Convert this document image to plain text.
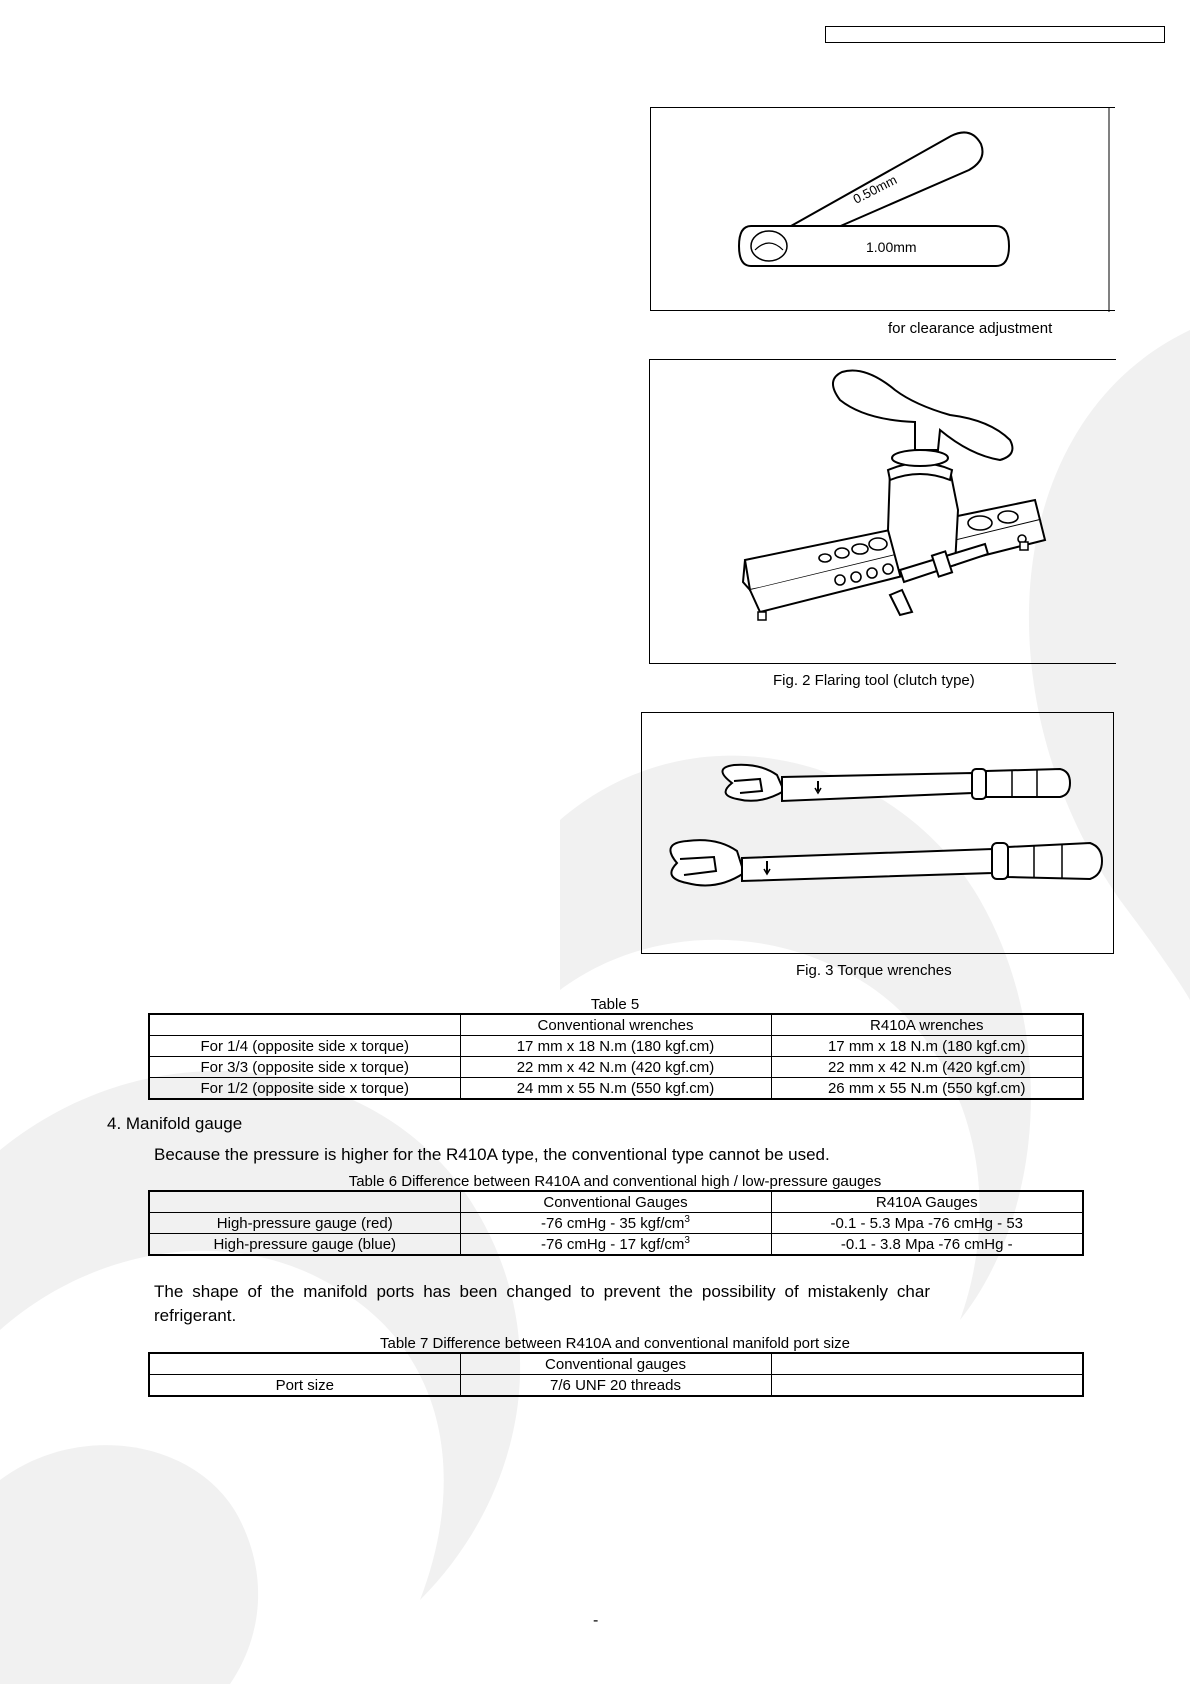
0.50mm
1.00mm
for clearance adjustment
Fig. 2 Flaring tool (clutch type)
Fig. 3 Torque wrenches
Table 5
	Conventional wrenches	R410A wrenches
For 1/4 (opposite side x torque)	17 mm x 18 N.m (180 kgf.cm)	17 mm x 18 N.m (180 kgf.cm)
For 3/3 (opposite side x torque)	22 mm x 42 N.m (420 kgf.cm)	22 mm x 42 N.m (420 kgf.cm)
For 1/2 (opposite side x torque)	24 mm x 55 N.m (550 kgf.cm)	26 mm x 55 N.m (550 kgf.cm)
4. Manifold gauge
Because the pressure is higher for the R410A type, the conventional type cannot be used.
Table 6 Difference between R410A and conventional high / low-pressure gauges
	Conventional Gauges	R410A Gauges
High-pressure gauge (red)	-76 cmHg - 35 kgf/$cm^3$	-0.1 - 5.3 Mpa -76 cmHg - 53
High-pressure gauge (blue)	-76 cmHg - 17 kgf/$cm^3$	-0.1 - 3.8 Mpa -76 cmHg -
The shape of the manifold ports has been changed to prevent the possibility of mistakenly char refrigerant.
Table 7 Difference between R410A and conventional manifold port size
	Conventional gauges	
Port size	7/6 UNF 20 threads	
-
